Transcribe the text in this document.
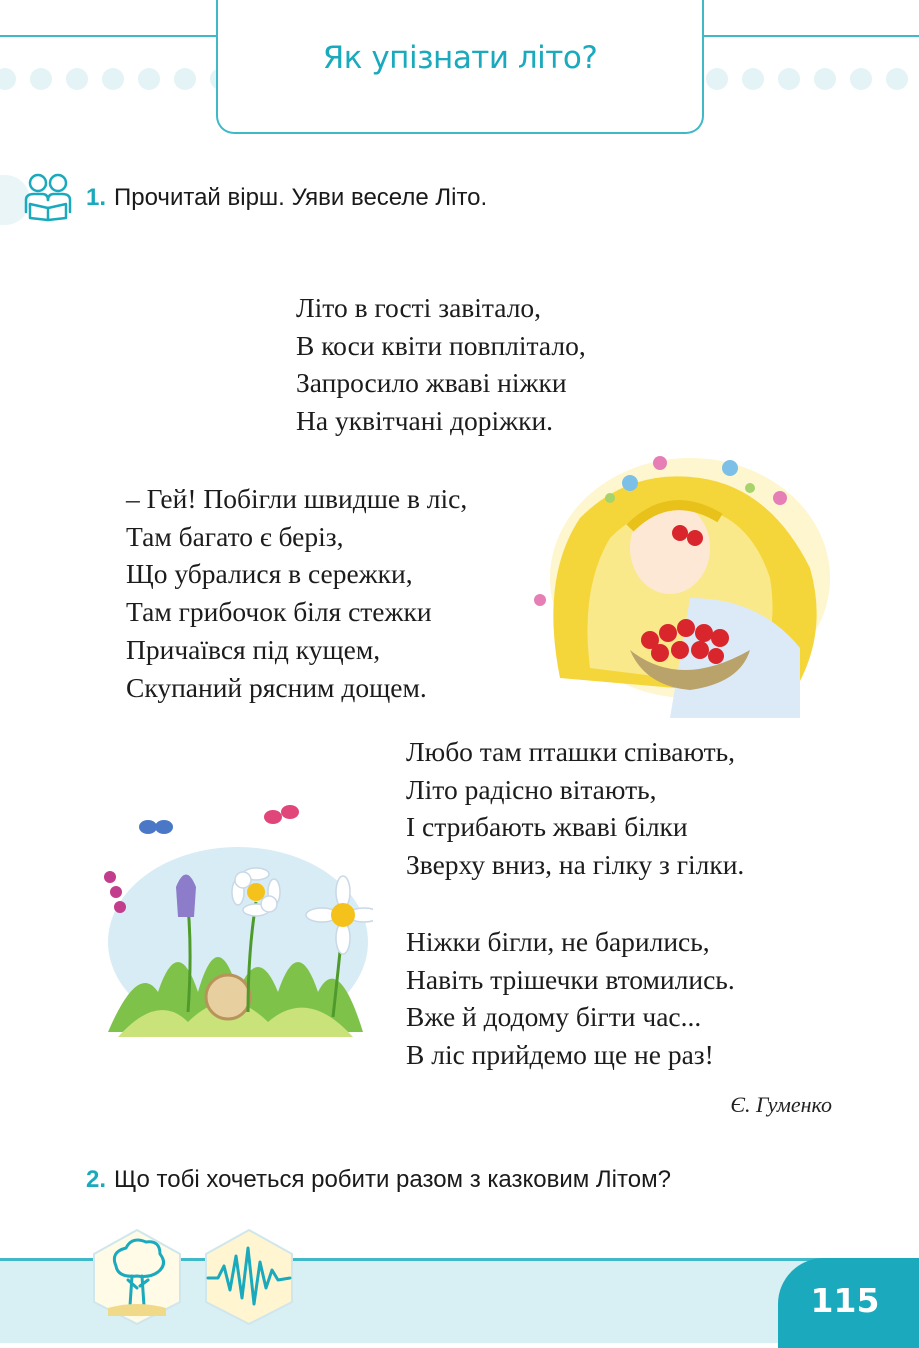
Як упізнати літо?
1. Прочитай вірш. Уяви веселе Літо.
Літо в гості завітало,
В коси квіти повплітало,
Запросило жваві ніжки
На уквітчані доріжки.
– Гей! Побігли швидше в ліс,
Там багато є беріз,
Що убралися в сережки,
Там грибочок біля стежки
Причаївся під кущем,
Скупаний рясним дощем.
Любо там пташки співають,
Літо радісно вітають,
І стрибають жваві білки
Зверху вниз, на гілку з гілки.
Ніжки бігли, не барились,
Навіть трішечки втомились.
Вже й додому бігти час...
В ліс прийдемо ще не раз!
Є. Гуменко
2. Що тобі хочеться робити разом з казковим Літом?
115
